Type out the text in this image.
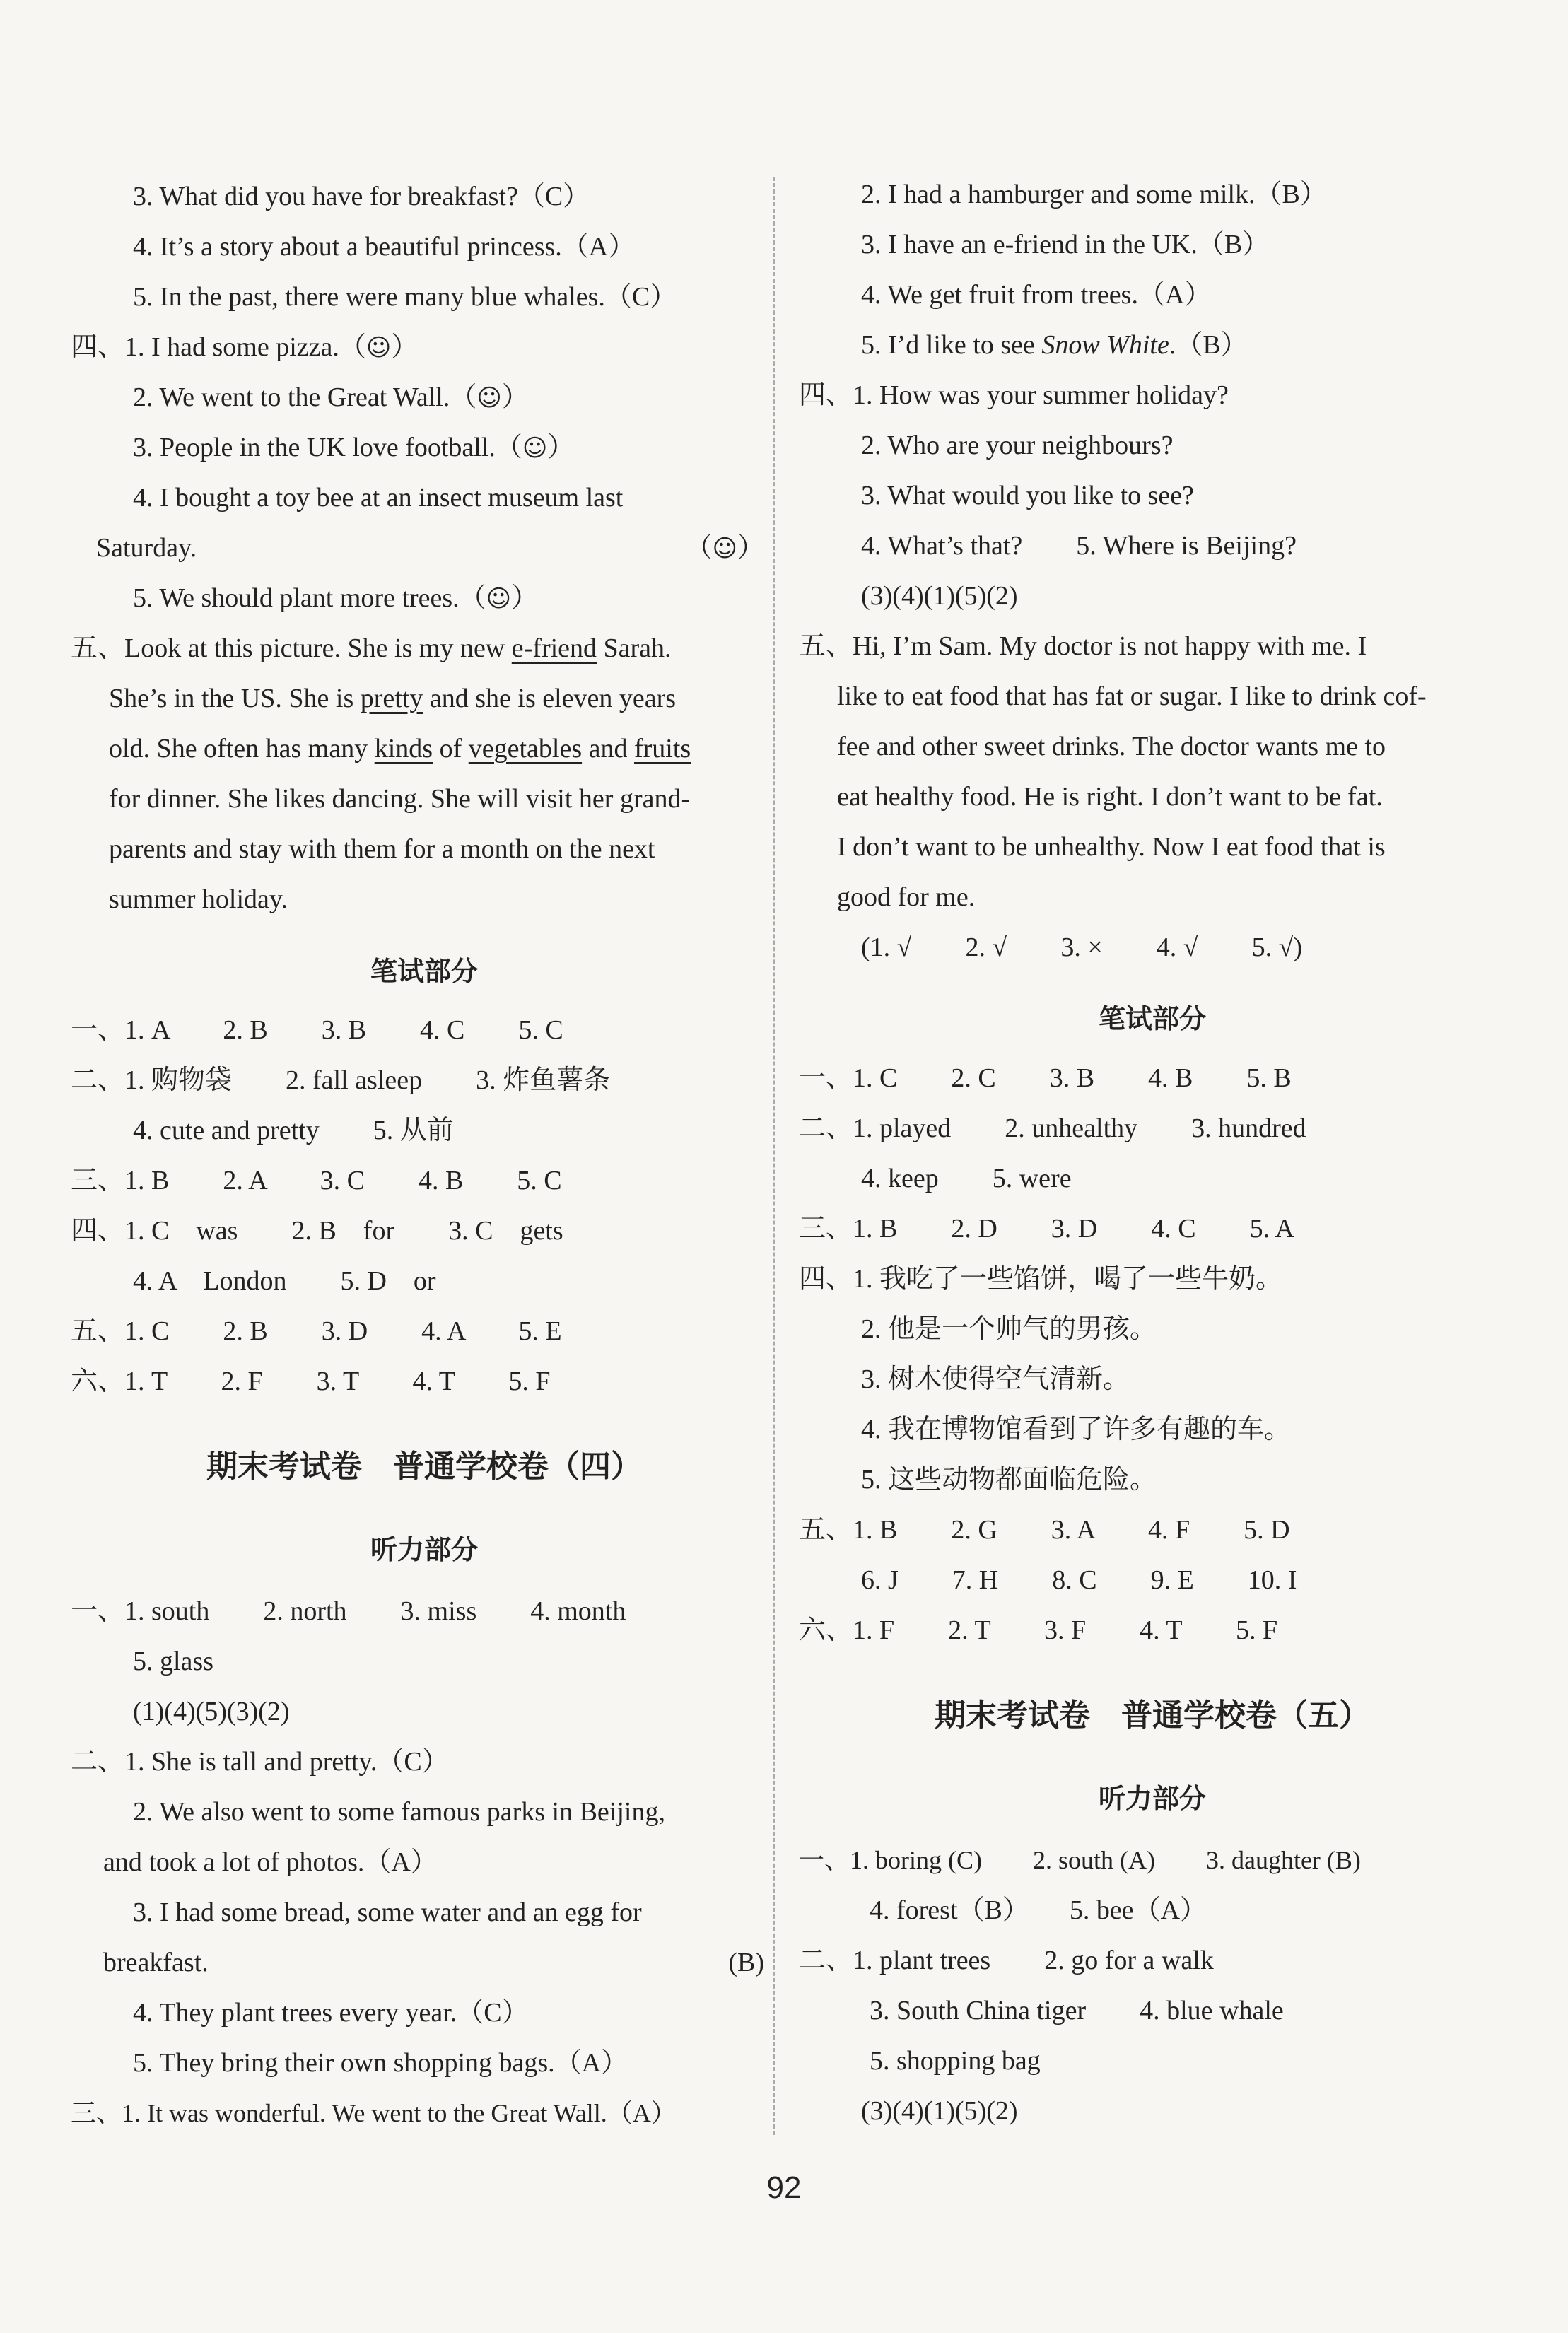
3. What did you have for breakfast?（C）
4. It’s a story about a beautiful princess.（A）
5. In the past, there were many blue whales.（C）
四、1. I had some pizza.（☺）
2. We went to the Great Wall.（☺）
3. People in the UK love football.（☺）
4. I bought a toy bee at an insect museum last
Saturday.	（☺）
5. We should plant more trees.（☺）
五、Look at this picture. She is my new e-friend Sarah.
She’s in the US. She is pretty and she is eleven years
old. She often has many kinds of vegetables and fruits
for dinner. She likes dancing. She will visit her grand-
parents and stay with them for a month on the next
summer holiday.
笔试部分
一、1. A　　2. B　　3. B　　4. C　　5. C
二、1. 购物袋　　2. fall asleep　　3. 炸鱼薯条
4. cute and pretty　　5. 从前
三、1. B　　2. A　　3. C　　4. B　　5. C
四、1. C　was　　2. B　for　　3. C　gets
4. A　London　　5. D　or
五、1. C　　2. B　　3. D　　4. A　　5. E
六、1. T　　2. F　　3. T　　4. T　　5. F
期末考试卷　普通学校卷（四）
听力部分
一、1. south　　2. north　　3. miss　　4. month
5. glass
(1)(4)(5)(3)(2)
二、1. She is tall and pretty.（C）
2. We also went to some famous parks in Beijing,
and took a lot of photos.（A）
3. I had some bread, some water and an egg for
breakfast.	(B)
4. They plant trees every year.（C）
5. They bring their own shopping bags.（A）
三、1. It was wonderful. We went to the Great Wall.（A）
2. I had a hamburger and some milk.（B）
3. I have an e-friend in the UK.（B）
4. We get fruit from trees.（A）
5. I’d like to see Snow White.（B）
四、1. How was your summer holiday?
2. Who are your neighbours?
3. What would you like to see?
4. What’s that?　　5. Where is Beijing?
(3)(4)(1)(5)(2)
五、Hi, I’m Sam. My doctor is not happy with me. I
like to eat food that has fat or sugar. I like to drink cof-
fee and other sweet drinks. The doctor wants me to
eat healthy food. He is right. I don’t want to be fat.
I don’t want to be unhealthy. Now I eat food that is
good for me.
(1. √　　2. √　　3. ×　　4. √　　5. √)
笔试部分
一、1. C　　2. C　　3. B　　4. B　　5. B
二、1. played　　2. unhealthy　　3. hundred
4. keep　　5. were
三、1. B　　2. D　　3. D　　4. C　　5. A
四、1. 我吃了一些馅饼，喝了一些牛奶。
2. 他是一个帅气的男孩。
3. 树木使得空气清新。
4. 我在博物馆看到了许多有趣的车。
5. 这些动物都面临危险。
五、1. B　　2. G　　3. A　　4. F　　5. D
6. J　　7. H　　8. C　　9. E　　10. I
六、1. F　　2. T　　3. F　　4. T　　5. F
期末考试卷　普通学校卷（五）
听力部分
一、1. boring (C)　　2. south (A)　　3. daughter (B)
4. forest（B）　　5. bee（A）
二、1. plant trees　　2. go for a walk
3. South China tiger　　4. blue whale
5. shopping bag
(3)(4)(1)(5)(2)
92
